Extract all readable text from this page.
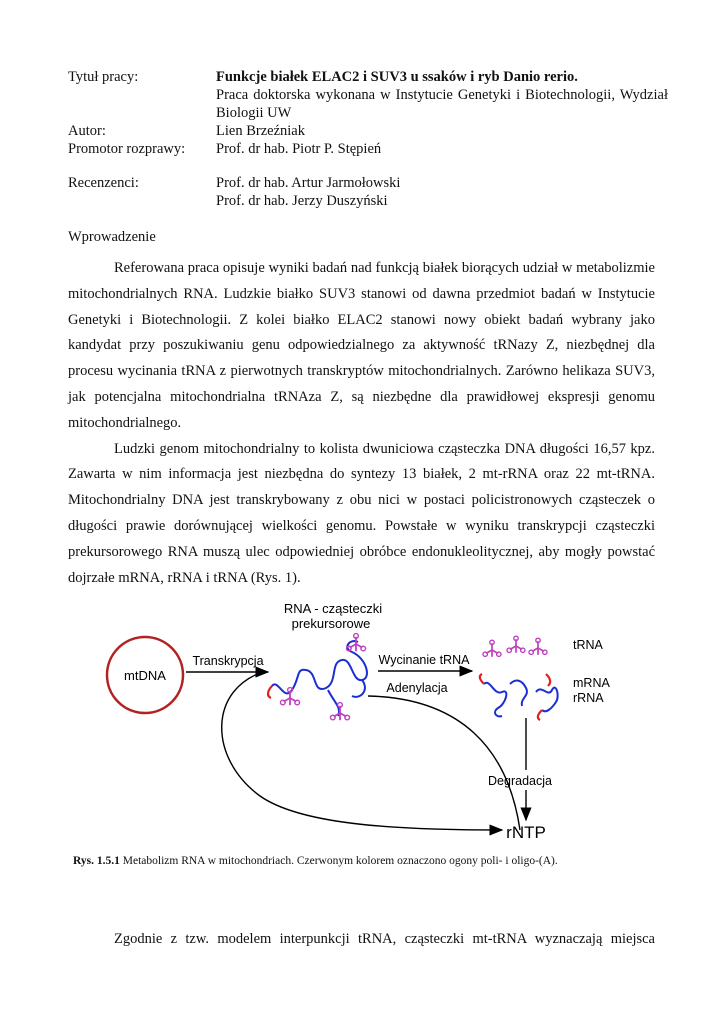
Tytuł pracy:	Funkcje białek ELAC2 i SUV3 u ssaków i ryb Danio rerio.
Praca doktorska wykonana w Instytucie Genetyki i Biotechnologii, Wydział Biologii UW
Autor:	Lien Brzeźniak
Promotor rozprawy:	Prof. dr hab. Piotr P. Stępień
Recenzenci:	Prof. dr hab. Artur Jarmołowski
Prof. dr hab. Jerzy Duszyński
Wprowadzenie

Referowana praca opisuje wyniki badań nad funkcją białek biorących udział w metabolizmie mitochondrialnych RNA. Ludzkie białko SUV3 stanowi od dawna przedmiot badań w Instytucie Genetyki i Biotechnologii. Z kolei białko ELAC2 stanowi nowy obiekt badań wybrany jako kandydat przy poszukiwaniu genu odpowiedzialnego za aktywność tRNazy Z, niezbędnej dla procesu wycinania tRNA z pierwotnych transkryptów mitochondrialnych. Zarówno helikaza SUV3, jak potencjalna mitochondrialna tRNAza Z, są niezbędne dla prawidłowej ekspresji genomu mitochondrialnego.

Ludzki genom mitochondrialny to kolista dwuniciowa cząsteczka DNA długości 16,57 kpz. Zawarta w nim informacja jest niezbędna do syntezy 13 białek, 2 mt-rRNA oraz 22 mt-tRNA. Mitochondrialny DNA jest transkrybowany z obu nici w postaci policistronowych cząsteczek o długości prawie dorównującej wielkości genomu. Powstałe w wyniku transkrypcji cząsteczki prekursorowego RNA muszą ulec odpowiedniej obróbce endonukleolitycznej, aby mogły powstać dojrzałe mRNA, rRNA i tRNA (Rys. 1).

mtDNA
Transkrypcja
RNA - cząsteczki
prekursorowe
Wycinanie tRNA
Adenylacja
tRNA
mRNA
rRNA
Degradacja
rNTP
Rys. 1.5.1 Metabolizm RNA w mitochondriach. Czerwonym kolorem oznaczono ogony poli- i oligo-(A).
Zgodnie z tzw. modelem interpunkcji tRNA, cząsteczki mt-tRNA wyznaczają miejsca
